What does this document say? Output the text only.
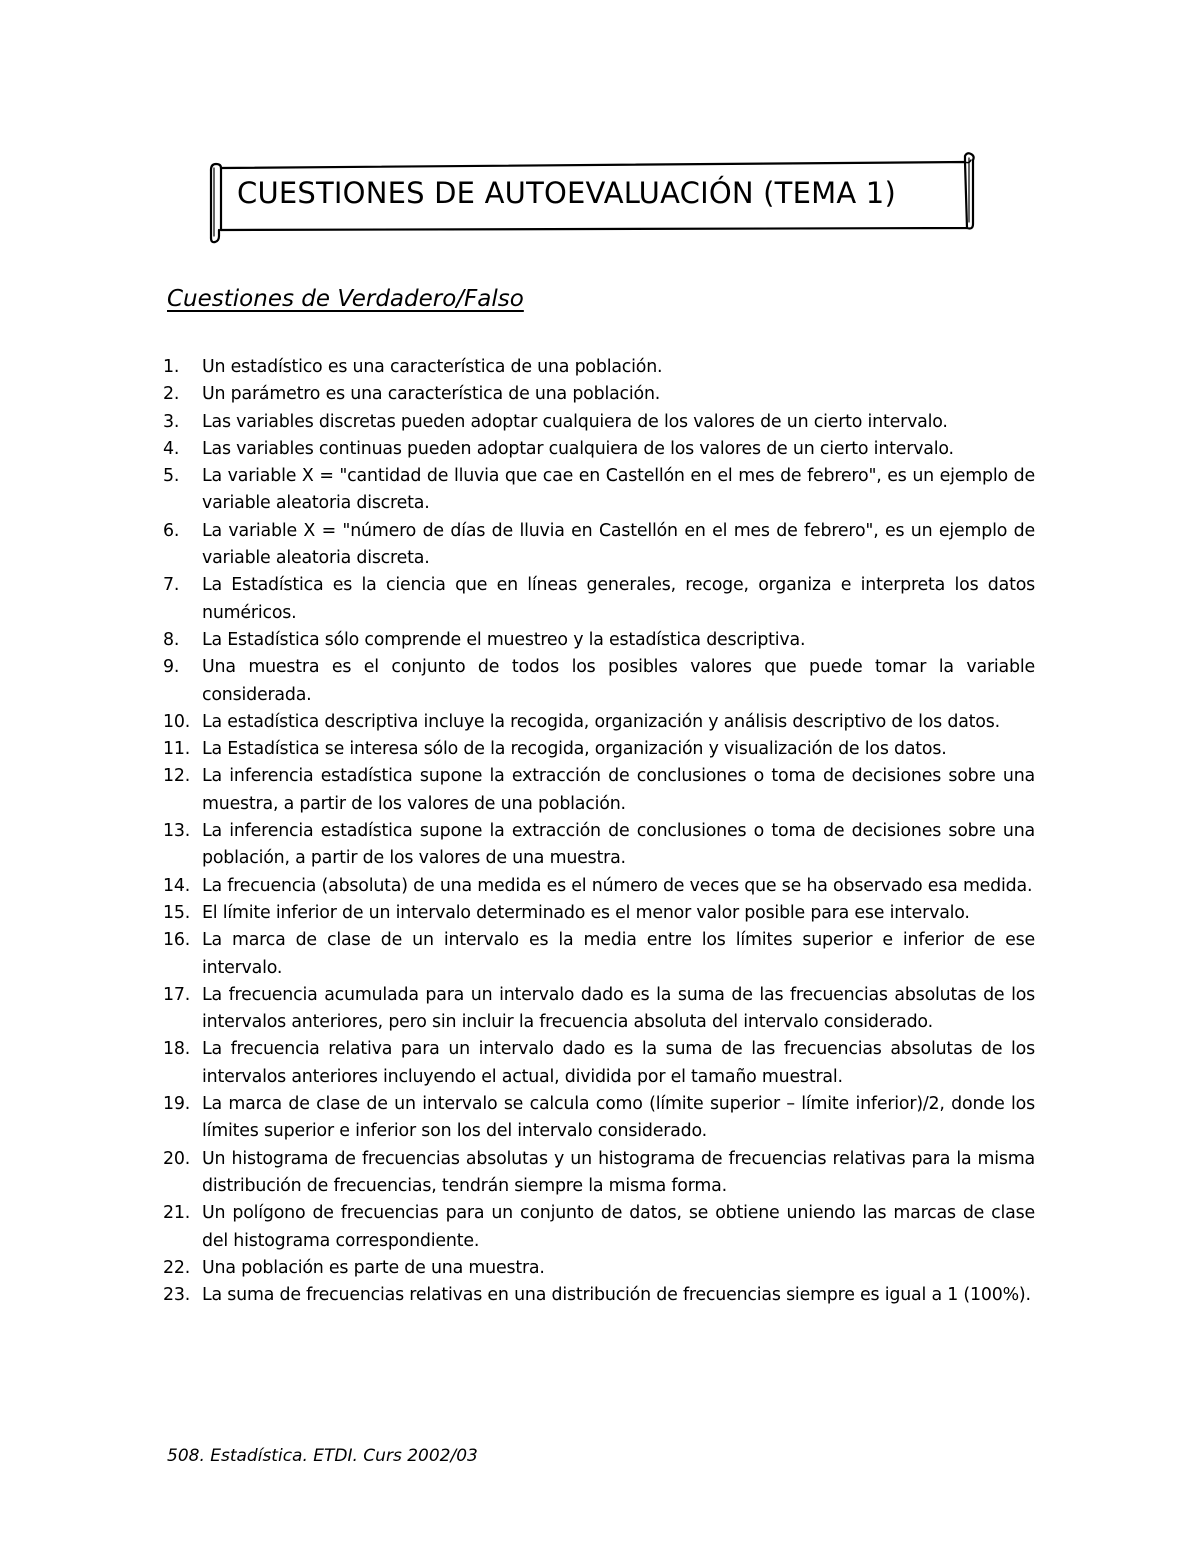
CUESTIONES DE AUTOEVALUACIÓN (TEMA 1)
Cuestiones de Verdadero/Falso
1.	Un estadístico es una característica de una población.
2.	Un parámetro es una característica de una población.
3.	Las variables discretas pueden adoptar cualquiera de los valores de un cierto intervalo.
4.	Las variables continuas pueden adoptar cualquiera de los valores de un cierto intervalo.
5.	La variable X = "cantidad de lluvia que cae en Castellón en el mes de febrero", es un ejemplo de variable aleatoria discreta.
6.	La variable X = "número de días de lluvia en Castellón en el mes de febrero", es un ejemplo de variable aleatoria discreta.
7.	La Estadística es la ciencia que en líneas generales, recoge, organiza e interpreta los datos numéricos.
8.	La Estadística sólo comprende el muestreo y la estadística descriptiva.
9.	Una muestra es el conjunto de todos los posibles valores que puede tomar la variable considerada.
10. La estadística descriptiva incluye la recogida, organización y análisis descriptivo de los datos.
11. La Estadística se interesa sólo de la recogida, organización y visualización de los datos.
12. La inferencia estadística supone la extracción de conclusiones o toma de decisiones sobre una muestra, a partir de los valores de una población.
13. La inferencia estadística supone la extracción de conclusiones o toma de decisiones sobre una población, a partir de los valores de una muestra.
14. La frecuencia (absoluta) de una medida es el número de veces que se ha observado esa medida.
15. El límite inferior de un intervalo determinado es el menor valor posible para ese intervalo.
16. La marca de clase de un intervalo es la media entre los límites superior e inferior de ese intervalo.
17. La frecuencia acumulada para un intervalo dado es la suma de las frecuencias absolutas de los intervalos anteriores, pero sin incluir la frecuencia absoluta del intervalo considerado.
18. La frecuencia relativa para un intervalo dado es la suma de las frecuencias absolutas de los intervalos anteriores incluyendo el actual, dividida por el tamaño muestral.
19. La marca de clase de un intervalo se calcula como (límite superior – límite inferior)/2, donde los límites superior e inferior son los del intervalo considerado.
20. Un histograma de frecuencias absolutas y un histograma de frecuencias relativas para la misma distribución de frecuencias, tendrán siempre la misma forma.
21. Un polígono de frecuencias para un conjunto de datos, se obtiene uniendo las marcas de clase del histograma correspondiente.
22. Una población es parte de una muestra.
23. La suma de frecuencias relativas en una distribución de frecuencias siempre es igual a 1 (100%).
508. Estadística. ETDI. Curs 2002/03
